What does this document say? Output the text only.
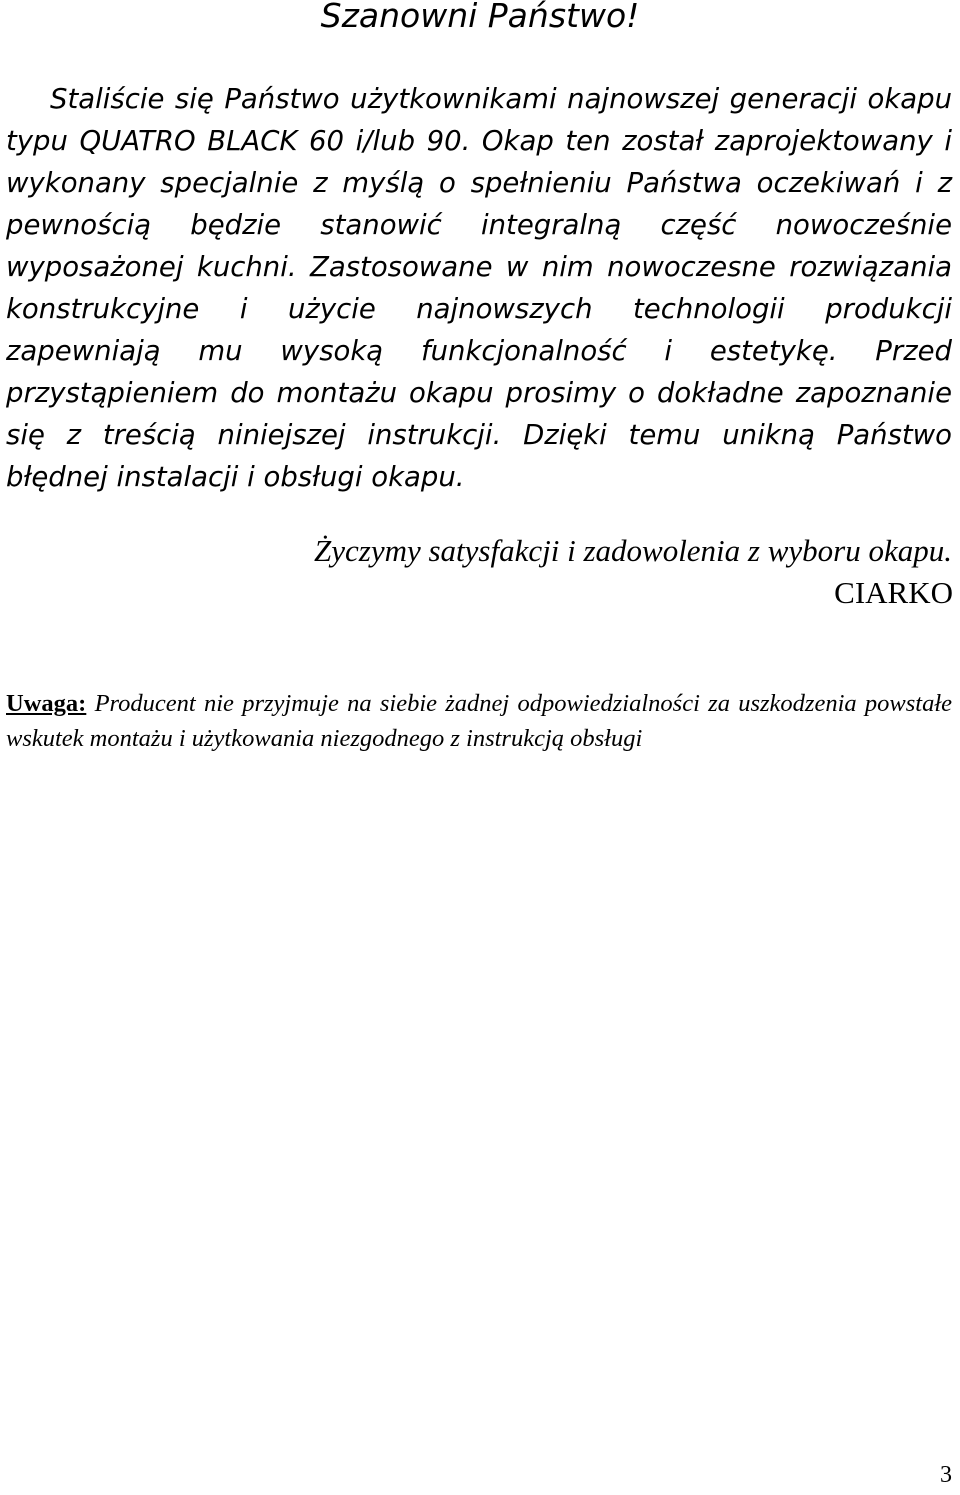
Szanowni Państwo!

Staliście się Państwo użytkownikami najnowszej generacji okapu typu QUATRO BLACK 60 i/lub 90. Okap ten został zaprojektowany i wykonany specjalnie z myślą o spełnieniu Państwa oczekiwań i z pewnością będzie stanowić integralną część nowocześnie wyposażonej kuchni. Zastosowane w nim nowoczesne rozwiązania konstrukcyjne i użycie najnowszych technologii produkcji zapewniają mu wysoką funkcjonalność i estetykę. Przed przystąpieniem do montażu okapu prosimy o dokładne zapoznanie się z treścią niniejszej instrukcji. Dzięki temu unikną Państwo błędnej instalacji i obsługi okapu.

Życzymy satysfakcji i zadowolenia z wyboru okapu.
CIARKO

Uwaga: Producent nie przyjmuje na siebie żadnej odpowiedzialności za uszkodzenia powstałe wskutek montażu i użytkowania niezgodnego z instrukcją obsługi

3
